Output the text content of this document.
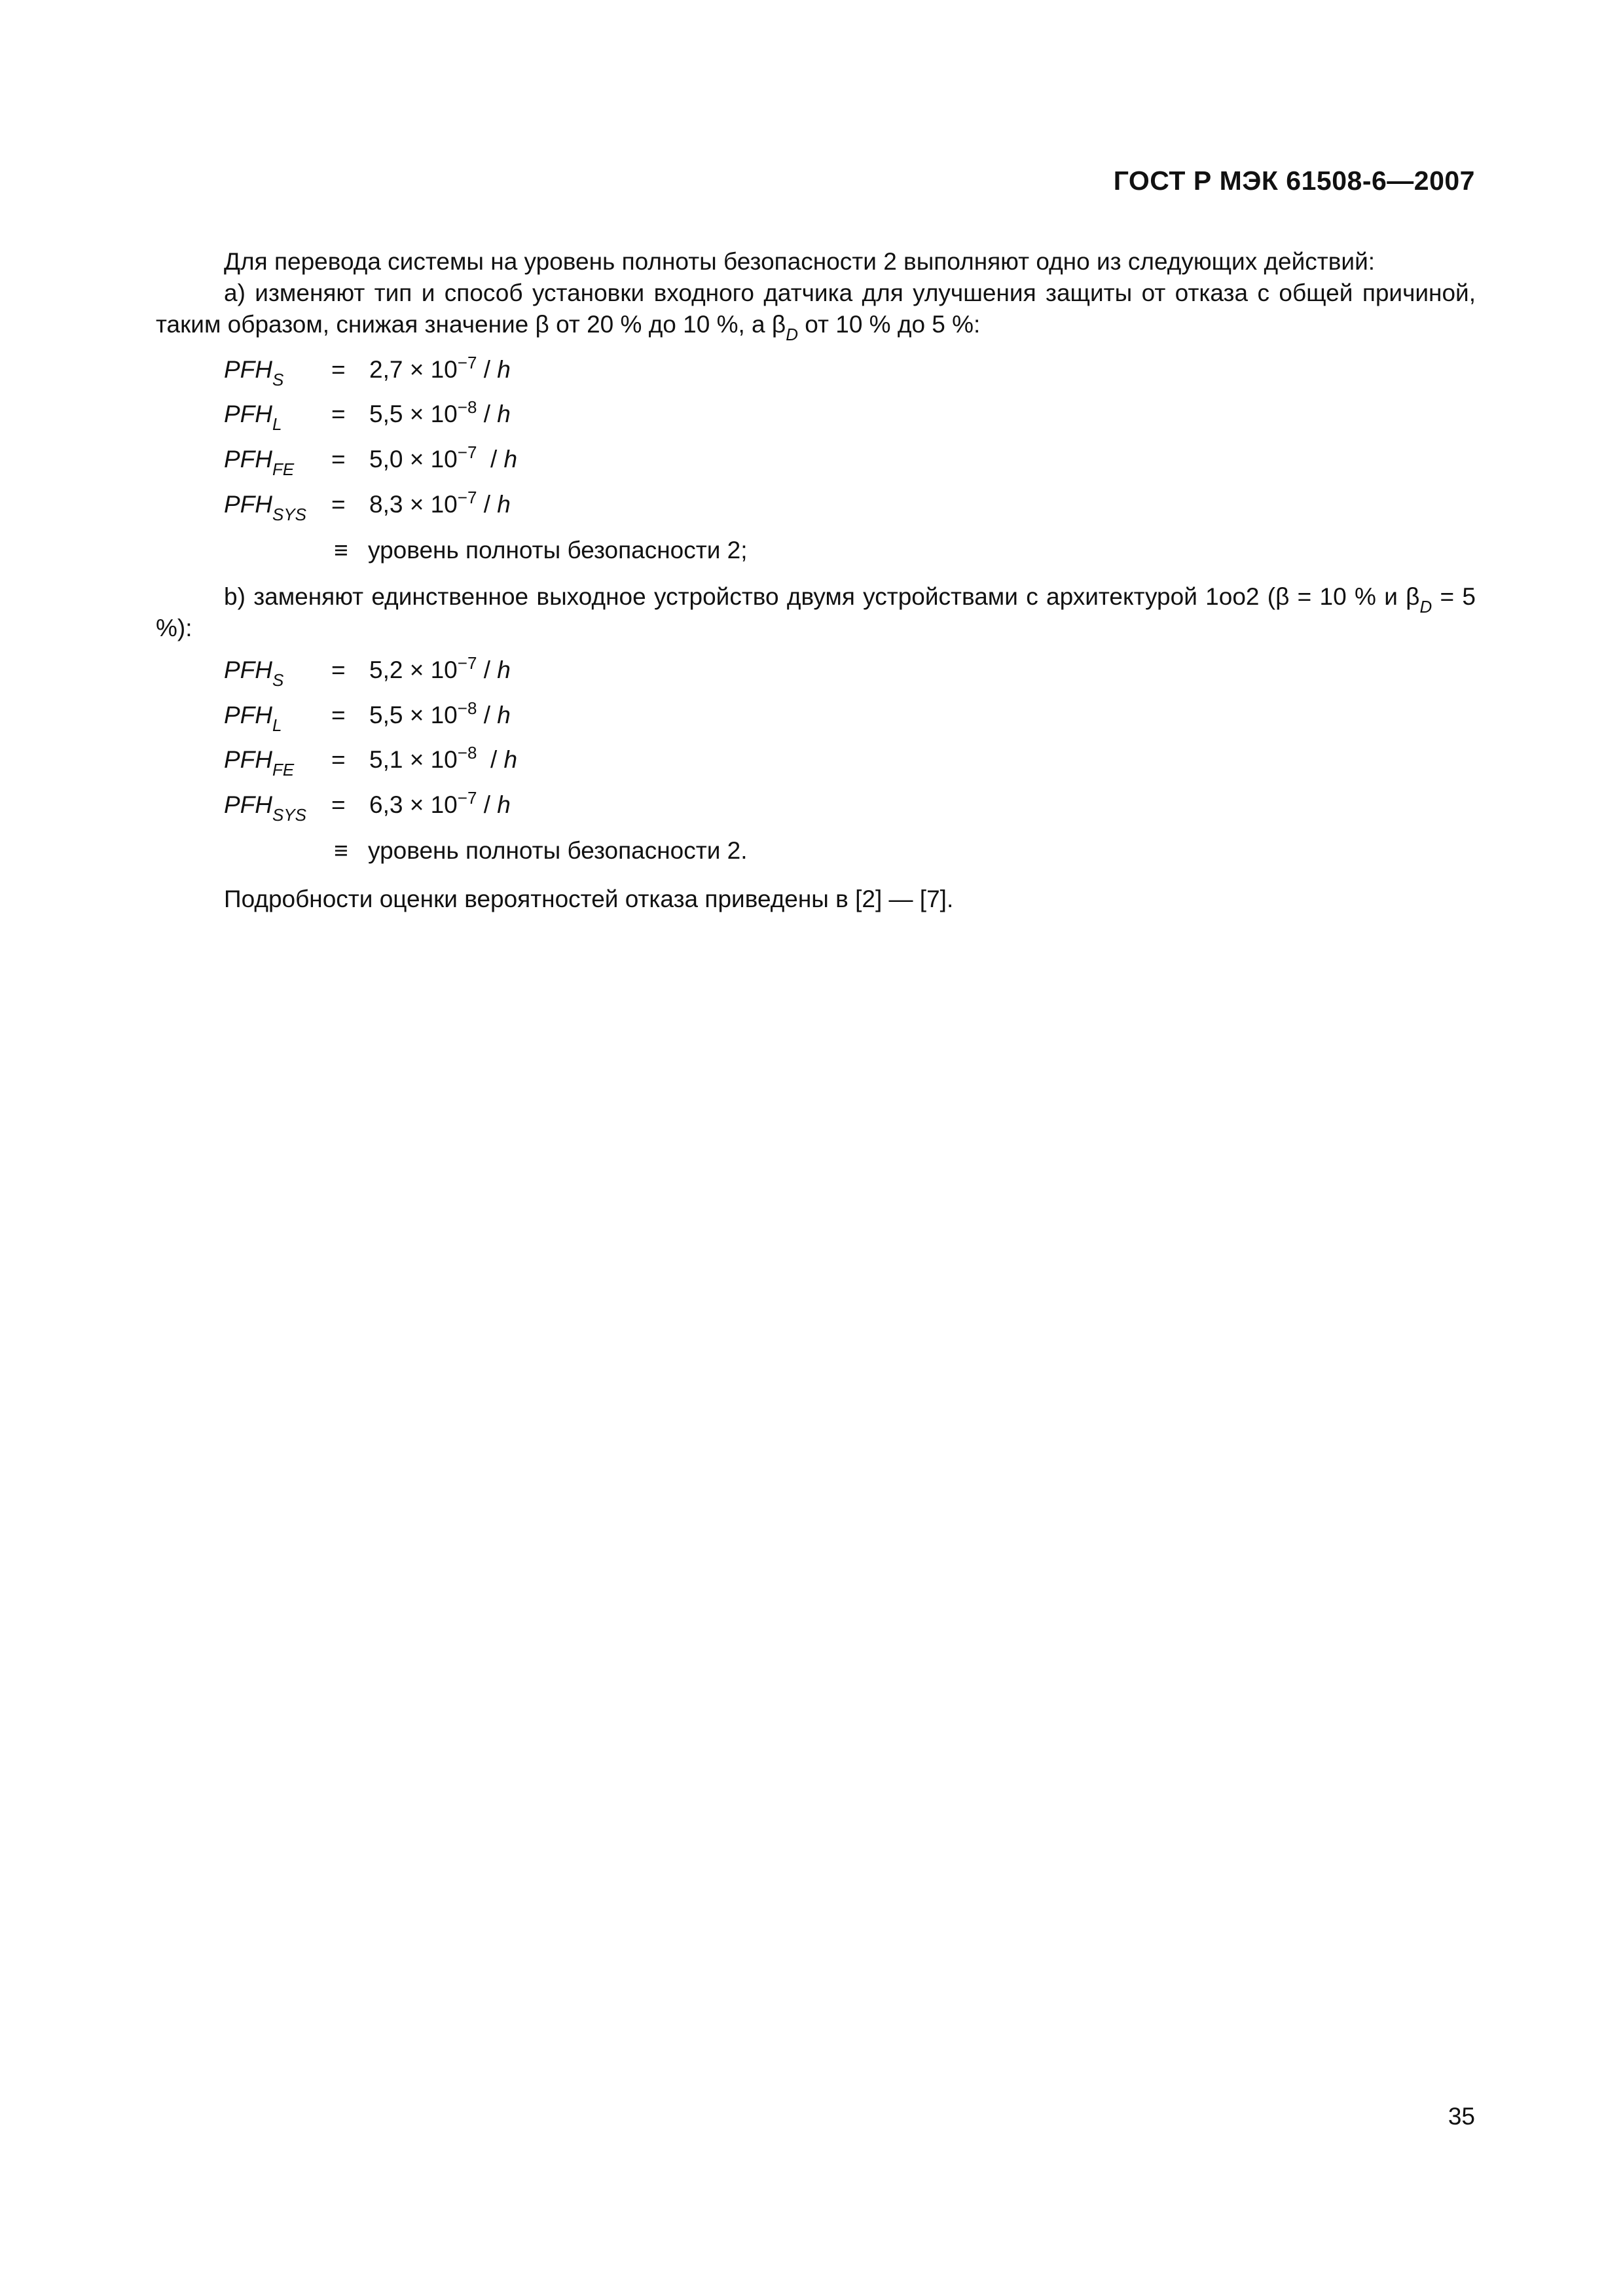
ГОСТ Р МЭК 61508-6—2007
Для перевода системы на уровень полноты безопасности 2 выполняют одно из следующих действий:
a) изменяют тип и способ установки входного датчика для улучшения защиты от отказа с общей причиной, таким образом, снижая значение β от 20 % до 10 %, а $\beta_D$ от 10 % до 5 %:
$PFH_S = 2,7 \times 10^{-7} / h$
$PFH_L = 5,5 \times 10^{-8} / h$
$PFH_{FE} = 5,0 \times 10^{-7} / h$
$PFH_{SYS} = 8,3 \times 10^{-7} / h$
≡ уровень полноты безопасности 2;
b) заменяют единственное выходное устройство двумя устройствами с архитектурой 1oo2 (β = 10 % и $\beta_D = 5$ %):
$PFH_S = 5,2 \times 10^{-7} / h$
$PFH_L = 5,5 \times 10^{-8} / h$
$PFH_{FE} = 5,1 \times 10^{-8} / h$
$PFH_{SYS} = 6,3 \times 10^{-7} / h$
≡ уровень полноты безопасности 2.
Подробности оценки вероятностей отказа приведены в [2] — [7].
35
